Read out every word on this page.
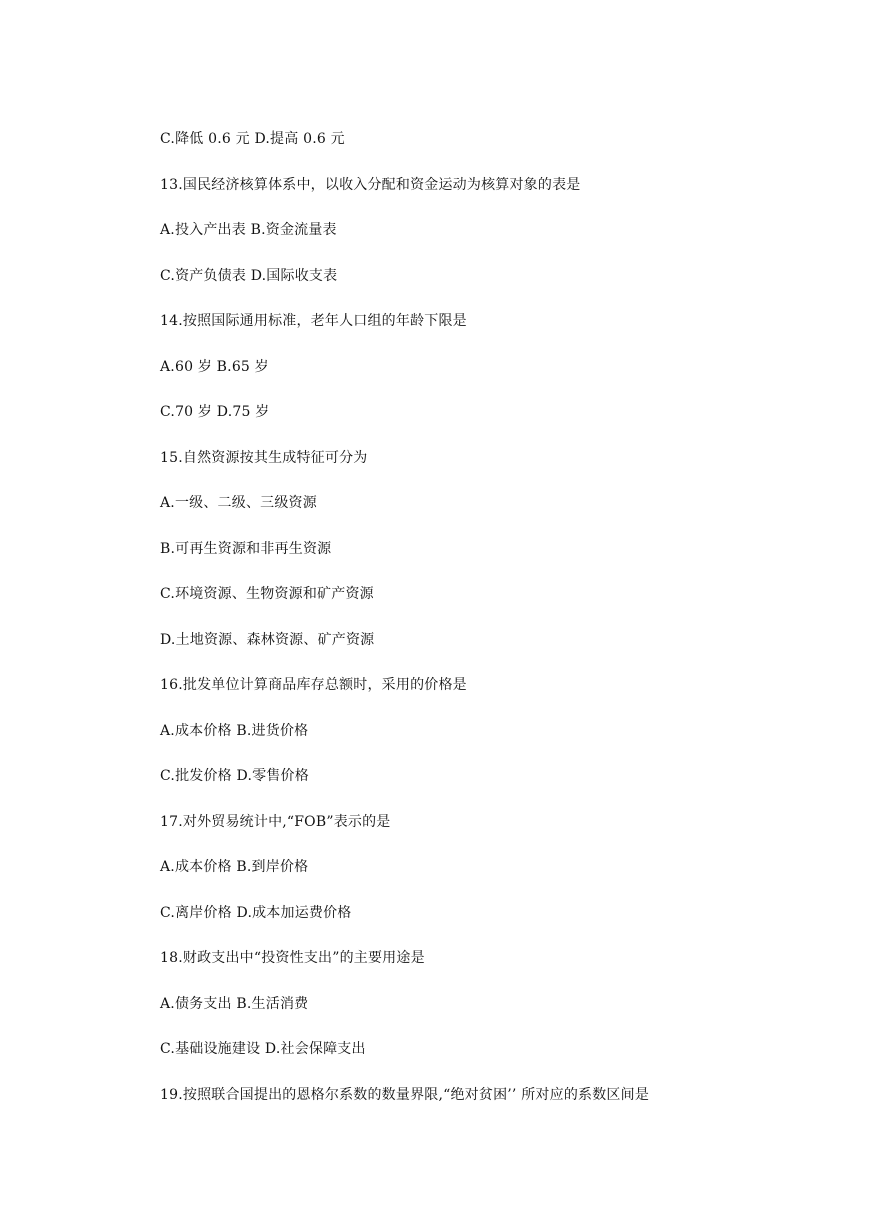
C.降低 0.6 元 D.提高 0.6 元
13.国民经济核算体系中，以收入分配和资金运动为核算对象的表是
A.投入产出表 B.资金流量表
C.资产负债表 D.国际收支表
14.按照国际通用标准，老年人口组的年龄下限是
A.60 岁 B.65 岁
C.70 岁 D.75 岁
15.自然资源按其生成特征可分为
A.一级、二级、三级资源
B.可再生资源和非再生资源
C.环境资源、生物资源和矿产资源
D.土地资源、森林资源、矿产资源
16.批发单位计算商品库存总额时，采用的价格是
A.成本价格 B.进货价格
C.批发价格 D.零售价格
17.对外贸易统计中,“FOB”表示的是
A.成本价格 B.到岸价格
C.离岸价格 D.成本加运费价格
18.财政支出中“投资性支出”的主要用途是
A.债务支出 B.生活消费
C.基础设施建设 D.社会保障支出
19.按照联合国提出的恩格尔系数的数量界限,“绝对贫困’’ 所对应的系数区间是
